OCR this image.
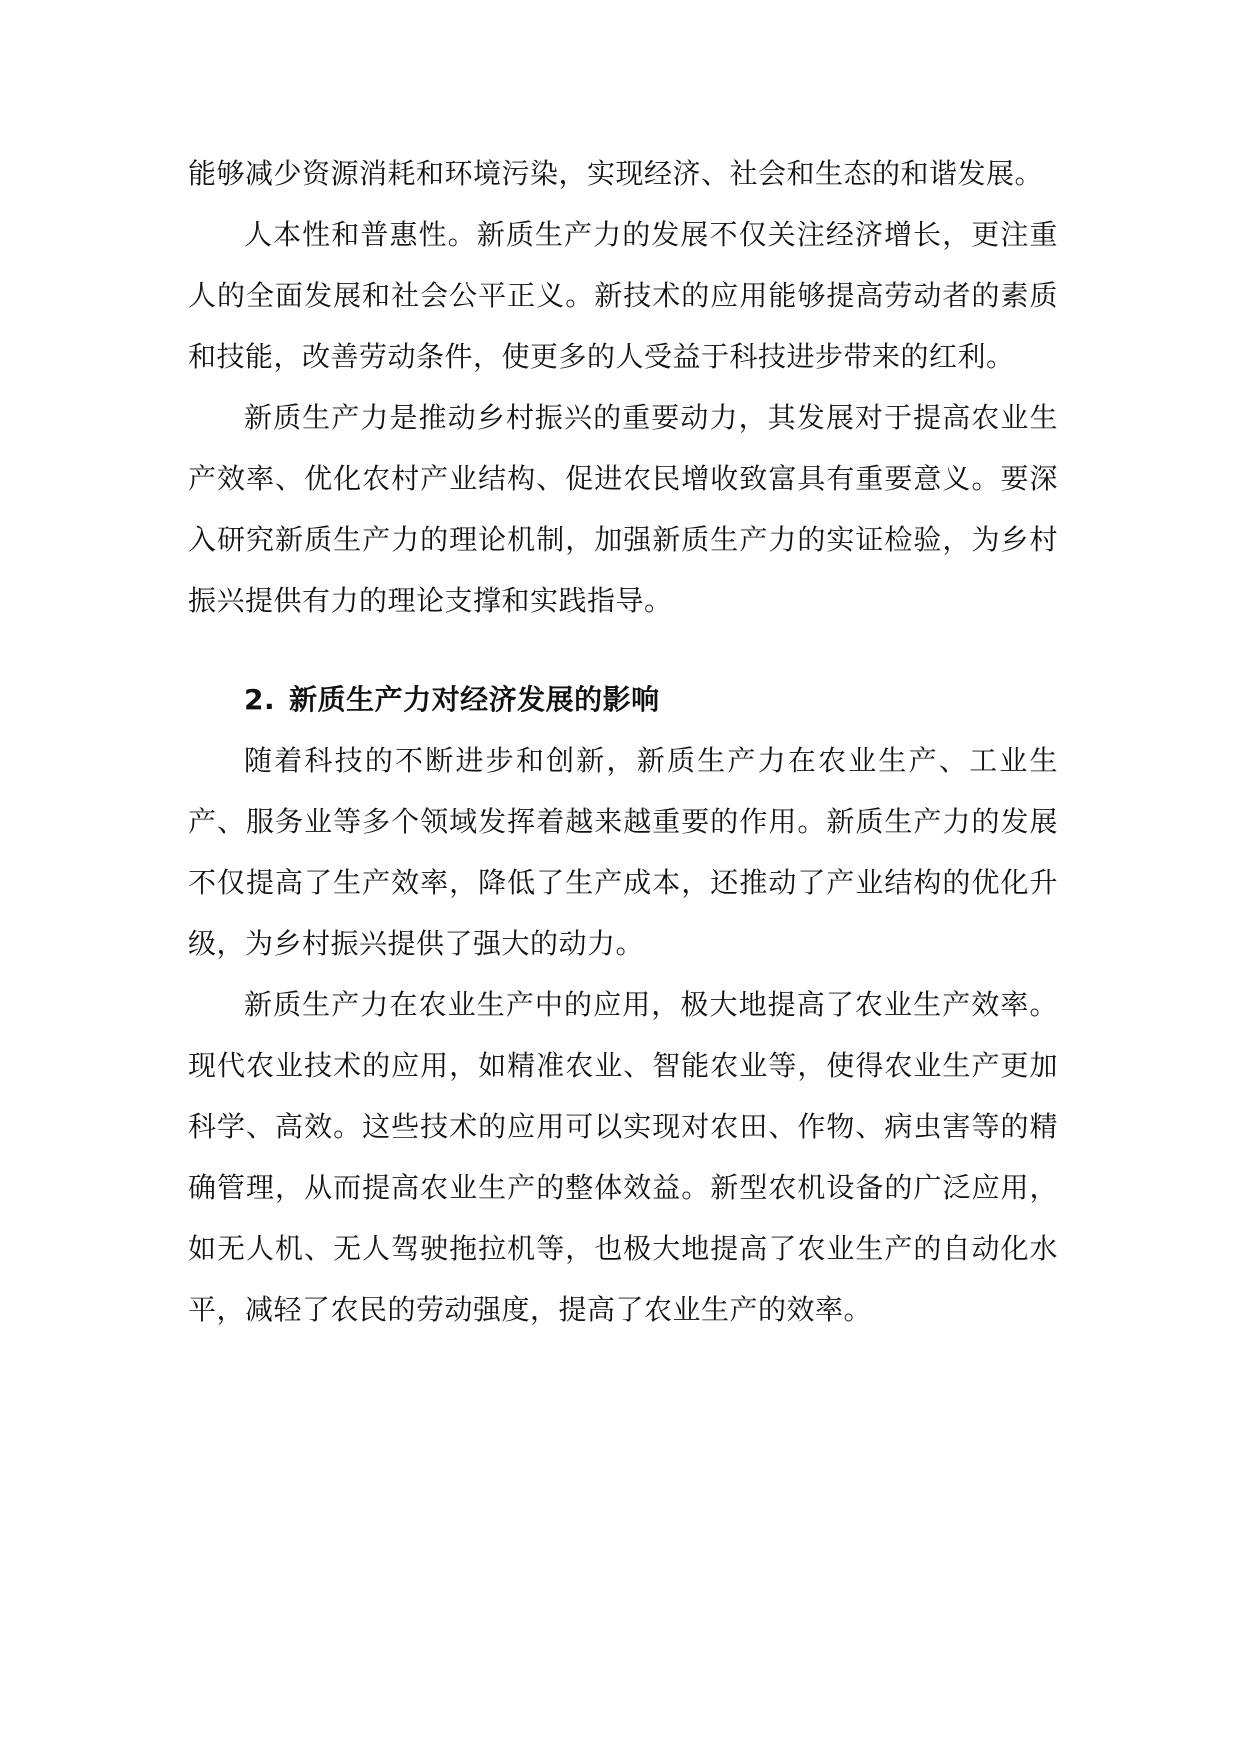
能够减少资源消耗和环境污染，实现经济、社会和生态的和谐发展。

人本性和普惠性。新质生产力的发展不仅关注经济增长，更注重人的全面发展和社会公平正义。新技术的应用能够提高劳动者的素质和技能，改善劳动条件，使更多的人受益于科技进步带来的红利。

新质生产力是推动乡村振兴的重要动力，其发展对于提高农业生产效率、优化农村产业结构、促进农民增收致富具有重要意义。要深入研究新质生产力的理论机制，加强新质生产力的实证检验，为乡村振兴提供有力的理论支撑和实践指导。

2. 新质生产力对经济发展的影响

随着科技的不断进步和创新，新质生产力在农业生产、工业生产、服务业等多个领域发挥着越来越重要的作用。新质生产力的发展不仅提高了生产效率，降低了生产成本，还推动了产业结构的优化升级，为乡村振兴提供了强大的动力。

新质生产力在农业生产中的应用，极大地提高了农业生产效率。现代农业技术的应用，如精准农业、智能农业等，使得农业生产更加科学、高效。这些技术的应用可以实现对农田、作物、病虫害等的精确管理，从而提高农业生产的整体效益。新型农机设备的广泛应用，如无人机、无人驾驶拖拉机等，也极大地提高了农业生产的自动化水平，减轻了农民的劳动强度，提高了农业生产的效率。
